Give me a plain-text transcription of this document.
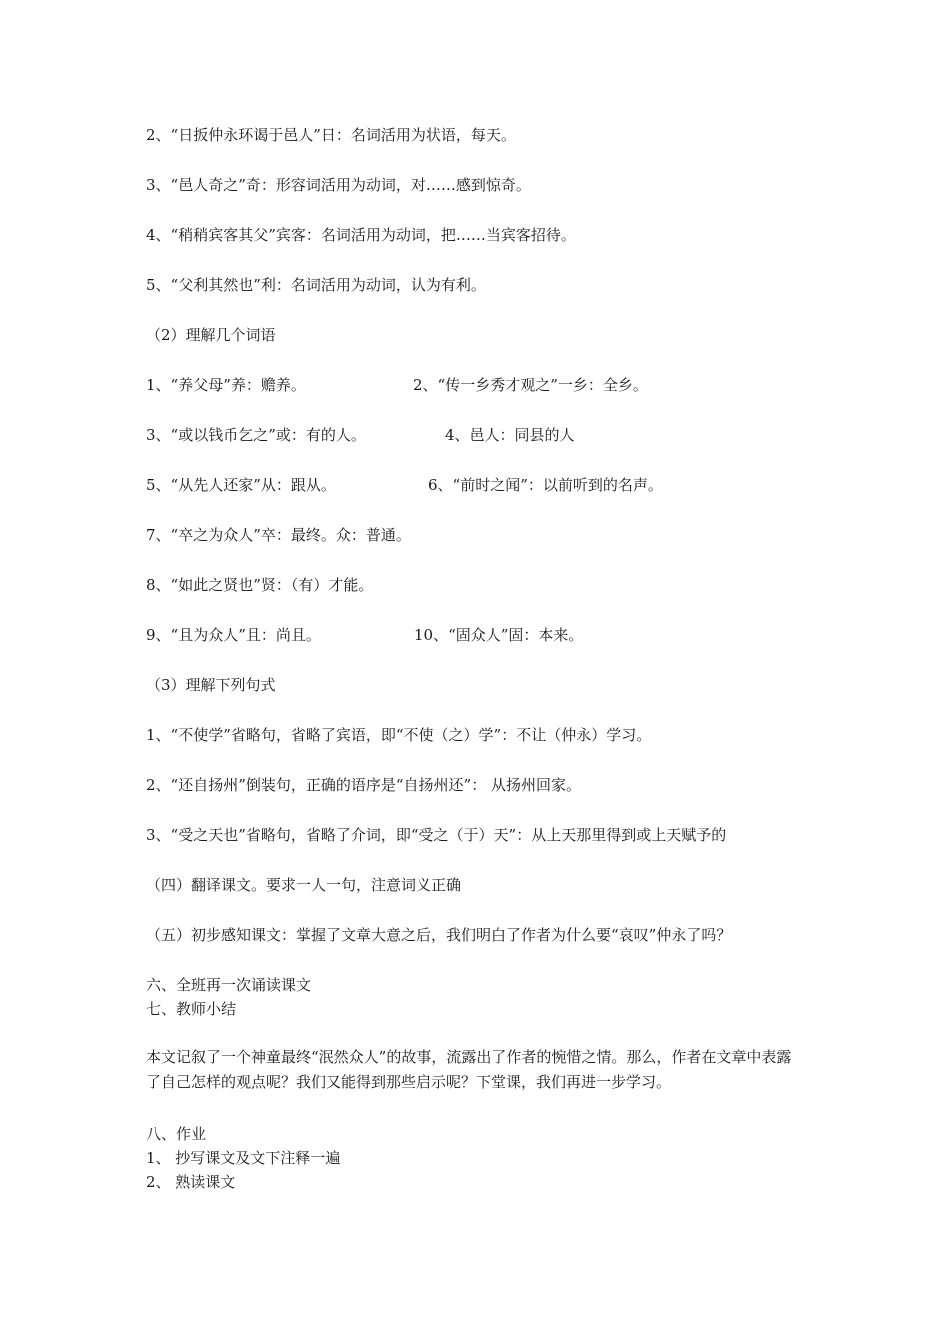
2、“日扳仲永环谒于邑人”日：名词活用为状语，每天。
3、“邑人奇之”奇：形容词活用为动词，对……感到惊奇。
4、“稍稍宾客其父”宾客：名词活用为动词，把……当宾客招待。
5、“父利其然也”利：名词活用为动词，认为有利。
（2）理解几个词语
1、“养父母”养：赡养。	2、“传一乡秀才观之”一乡：全乡。
3、“或以钱币乞之”或：有的人。	4、邑人：同县的人
5、“从先人还家”从：跟从。	6、“前时之闻”：以前听到的名声。
7、“卒之为众人”卒：最终。众：普通。
8、“如此之贤也”贤：（有）才能。
9、“且为众人”且：尚且。	10、“固众人”固：本来。
（3）理解下列句式
1、“不使学”省略句，省略了宾语，即“不使（之）学”：不让（仲永）学习。
2、“还自扬州”倒装句，正确的语序是“自扬州还”： 从扬州回家。
3、“受之天也”省略句，省略了介词，即“受之（于）天”：从上天那里得到或上天赋予的
（四）翻译课文。要求一人一句，注意词义正确
（五）初步感知课文：掌握了文章大意之后，我们明白了作者为什么要“哀叹”仲永了吗？
六、全班再一次诵读课文
七、教师小结
本文记叙了一个神童最终“泯然众人”的故事，流露出了作者的惋惜之情。那么，作者在文章中表露了自己怎样的观点呢？我们又能得到那些启示呢？下堂课，我们再进一步学习。
八、作业
1、 抄写课文及文下注释一遍
2、 熟读课文
